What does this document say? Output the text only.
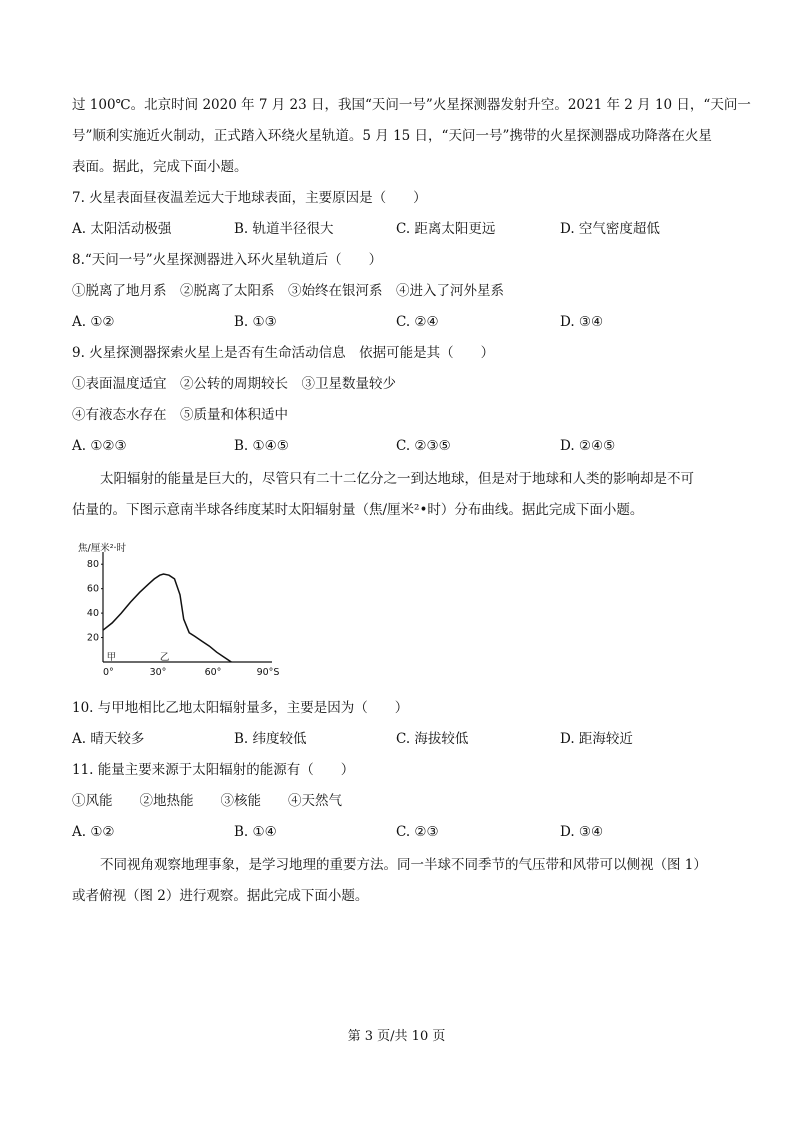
过 100℃。北京时间 2020 年 7 月 23 日，我国“天问一号”火星探测器发射升空。2021 年 2 月 10 日，“天问一
号”顺利实施近火制动，正式踏入环绕火星轨道。5 月 15 日，“天问一号”携带的火星探测器成功降落在火星
表面。据此，完成下面小题。
7. 火星表面昼夜温差远大于地球表面，主要原因是（　　）
A. 太阳活动极强	B. 轨道半径很大	C. 距离太阳更远	D. 空气密度超低
8.“天问一号”火星探测器进入环火星轨道后（　　）
①脱离了地月系　②脱离了太阳系　③始终在银河系　④进入了河外星系
A. ①②	B. ①③	C. ②④	D. ③④
9. 火星探测器探索火星上是否有生命活动信息　依据可能是其（　　）
①表面温度适宜　②公转的周期较长　③卫星数量较少
④有液态水存在　⑤质量和体积适中
A. ①②③	B. ①④⑤	C. ②③⑤	D. ②④⑤
太阳辐射的能量是巨大的，尽管只有二十二亿分之一到达地球，但是对于地球和人类的影响却是不可
估量的。下图示意南半球各纬度某时太阳辐射量（焦/厘米²•时）分布曲线。据此完成下面小题。
焦/厘米²·时
20
40
60
80
0°	30°	60°	90°S
甲	乙
10. 与甲地相比乙地太阳辐射量多，主要是因为（　　）
A. 晴天较多	B. 纬度较低	C. 海拔较低	D. 距海较近
11. 能量主要来源于太阳辐射的能源有（　　）
①风能　　②地热能　　③核能　　④天然气
A. ①②	B. ①④	C. ②③	D. ③④
不同视角观察地理事象，是学习地理的重要方法。同一半球不同季节的气压带和风带可以侧视（图 1）
或者俯视（图 2）进行观察。据此完成下面小题。
第 3 页/共 10 页
